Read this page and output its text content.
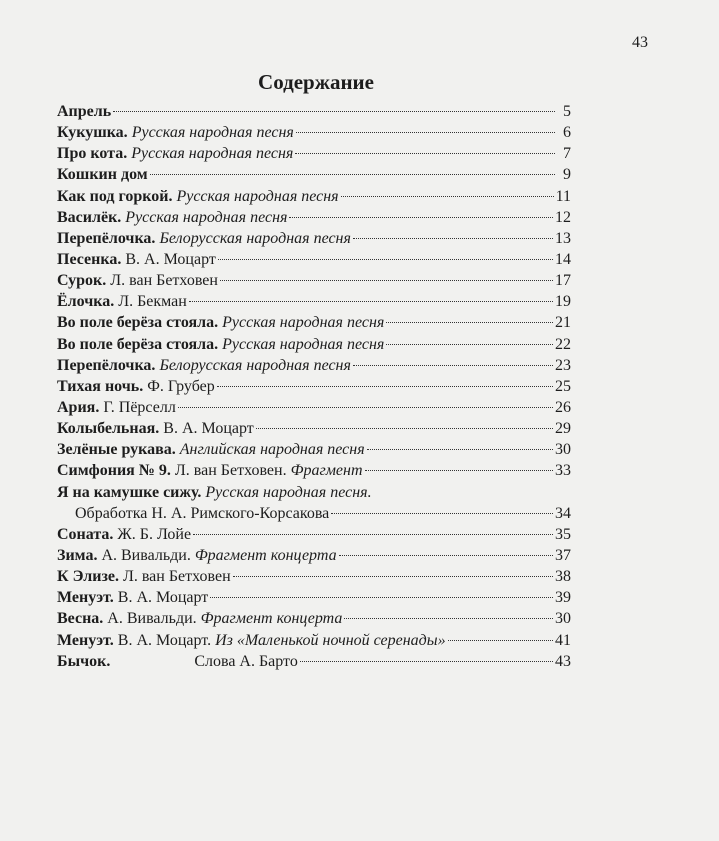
43
Содержание
Апрель	5
Кукушка. Русская народная песня	6
Про кота. Русская народная песня	7
Кошкин дом	9
Как под горкой. Русская народная песня	11
Василёк. Русская народная песня	12
Перепёлочка. Белорусская народная песня	13
Песенка. В. А. Моцарт	14
Сурок. Л. ван Бетховен	17
Ёлочка. Л. Бекман	19
Во поле берёза стояла. Русская народная песня	21
Во поле берёза стояла. Русская народная песня	22
Перепёлочка. Белорусская народная песня	23
Тихая ночь. Ф. Грубер	25
Ария. Г. Пёрселл	26
Колыбельная. В. А. Моцарт	29
Зелёные рукава. Английская народная песня	30
Симфония № 9. Л. ван Бетховен. Фрагмент	33
Я на камушке сижу. Русская народная песня.
Обработка Н. А. Римского-Корсакова	34
Соната. Ж. Б. Лойе	35
Зима. А. Вивальди. Фрагмент концерта	37
К Элизе. Л. ван Бетховен	38
Менуэт. В. А. Моцарт	39
Весна. А. Вивальди. Фрагмент концерта	30
Менуэт. В. А. Моцарт. Из «Маленькой ночной серенады»	41
Бычок.	Слова А. Барто	43
